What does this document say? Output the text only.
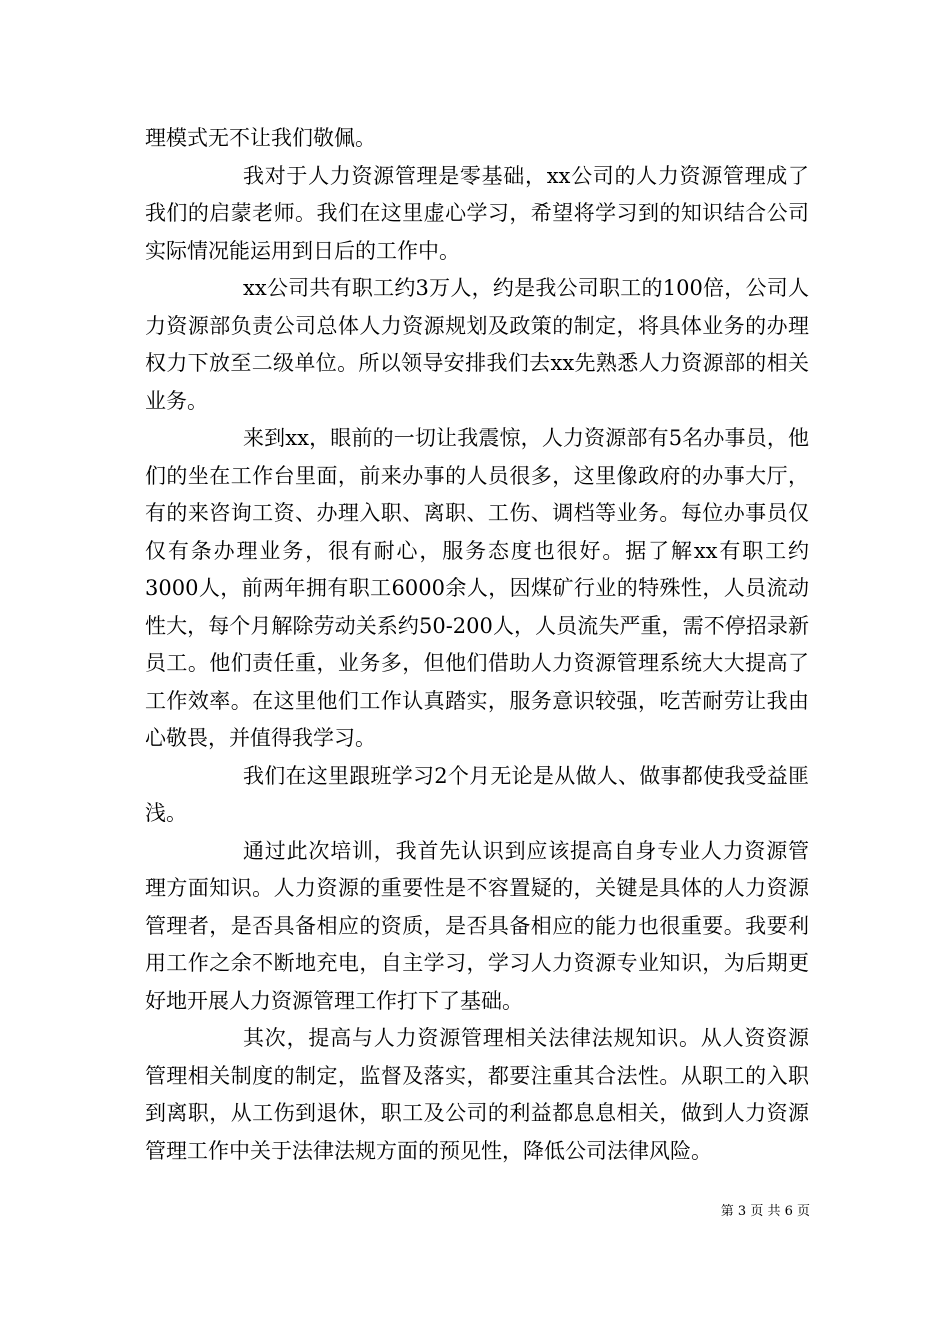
理模式无不让我们敬佩。

我对于人力资源管理是零基础，xx公司的人力资源管理成了我们的启蒙老师。我们在这里虚心学习，希望将学习到的知识结合公司实际情况能运用到日后的工作中。

xx公司共有职工约3万人，约是我公司职工的100倍，公司人力资源部负责公司总体人力资源规划及政策的制定，将具体业务的办理权力下放至二级单位。所以领导安排我们去xx先熟悉人力资源部的相关业务。

来到xx，眼前的一切让我震惊，人力资源部有5名办事员，他们的坐在工作台里面，前来办事的人员很多，这里像政府的办事大厅，有的来咨询工资、办理入职、离职、工伤、调档等业务。每位办事员仅仅有条办理业务，很有耐心，服务态度也很好。据了解xx有职工约3000人，前两年拥有职工6000余人，因煤矿行业的特殊性，人员流动性大，每个月解除劳动关系约50-200人，人员流失严重，需不停招录新员工。他们责任重，业务多，但他们借助人力资源管理系统大大提高了工作效率。在这里他们工作认真踏实，服务意识较强，吃苦耐劳让我由心敬畏，并值得我学习。

我们在这里跟班学习2个月无论是从做人、做事都使我受益匪浅。

通过此次培训，我首先认识到应该提高自身专业人力资源管理方面知识。人力资源的重要性是不容置疑的，关键是具体的人力资源管理者，是否具备相应的资质，是否具备相应的能力也很重要。我要利用工作之余不断地充电，自主学习，学习人力资源专业知识，为后期更好地开展人力资源管理工作打下了基础。

其次，提高与人力资源管理相关法律法规知识。从人资资源管理相关制度的制定，监督及落实，都要注重其合法性。从职工的入职到离职，从工伤到退休，职工及公司的利益都息息相关，做到人力资源管理工作中关于法律法规方面的预见性，降低公司法律风险。

第 3 页 共 6 页
